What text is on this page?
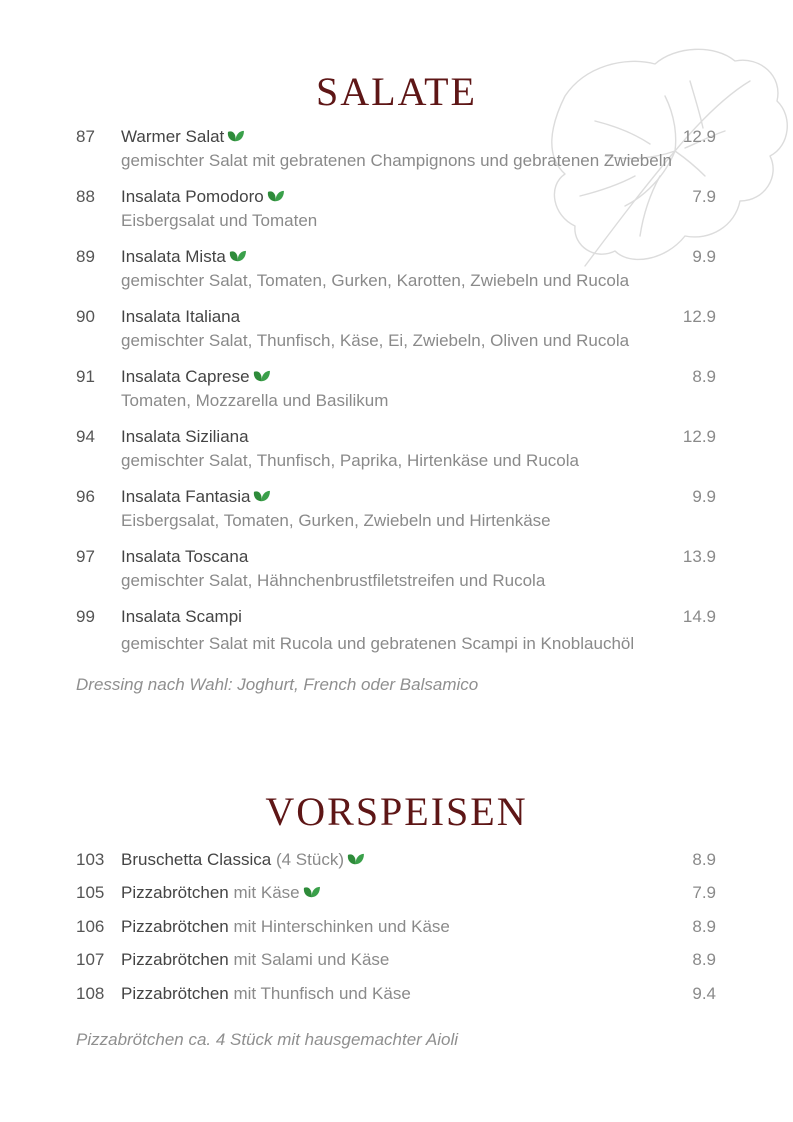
SALATE
87 Warmer Salat	12.9
gemischter Salat mit gebratenen Champignons und gebratenen Zwiebeln
88 Insalata Pomodoro	7.9
Eisbergsalat und Tomaten
89 Insalata Mista	9.9
gemischter Salat, Tomaten, Gurken, Karotten, Zwiebeln und Rucola
90 Insalata Italiana	12.9
gemischter Salat, Thunfisch, Käse, Ei, Zwiebeln, Oliven und Rucola
91 Insalata Caprese	8.9
Tomaten, Mozzarella und Basilikum
94 Insalata Siziliana	12.9
gemischter Salat, Thunfisch, Paprika, Hirtenkäse und Rucola
96 Insalata Fantasia	9.9
Eisbergsalat, Tomaten, Gurken, Zwiebeln und Hirtenkäse
97 Insalata Toscana	13.9
gemischter Salat, Hähnchenbrustfiletstreifen und Rucola
99 Insalata Scampi	14.9
gemischter Salat mit Rucola und gebratenen Scampi in Knoblauchöl
Dressing nach Wahl: Joghurt, French oder Balsamico
VORSPEISEN
103 Bruschetta Classica (4 Stück)	8.9
105 Pizzabrötchen mit Käse	7.9
106 Pizzabrötchen mit Hinterschinken und Käse	8.9
107 Pizzabrötchen mit Salami und Käse	8.9
108 Pizzabrötchen mit Thunfisch und Käse	9.4
Pizzabrötchen ca. 4 Stück mit hausgemachter Aioli
